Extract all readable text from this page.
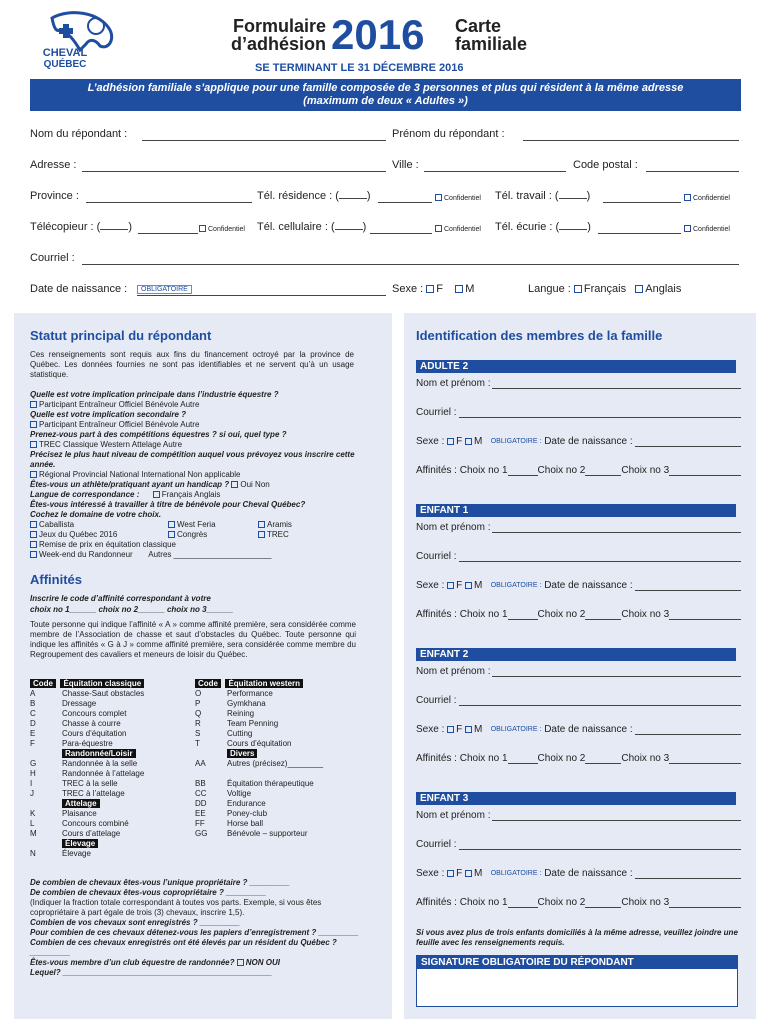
CHEVAL
QUÉBEC
Formulaire
d’adhésion 2016 Carte
familiale
SE TERMINANT LE 31 DÉCEMBRE 2016
L’adhésion familiale s’applique pour une famille composée de 3 personnes et plus qui résident à la même adresse
(maximum de deux « Adultes »)
Nom du répondant :	Prénom du répondant :
Adresse :	Ville :	Code postal :
Province :	Tél. résidence : (	)	Confidentiel Tél. travail : (	)	Confidentiel
Télécopieur : (	)	Confidentiel Tél. cellulaire : (	)	Confidentiel Tél. écurie : (	)	Confidentiel
Courriel :
Date de naissance :	OBLIGATOIRE	Sexe : F M	Langue : Français Anglais
Statut principal du répondant
Ces renseignements sont requis aux fins du financement octroyé par la province de Québec. Les données fournies ne sont pas identifiables et ne servent qu’à un usage statistique.
Quelle est votre implication principale dans l’industrie équestre ?
Participant Entraîneur Officiel Bénévole Autre
Quelle est votre implication secondaire ?
Participant Entraîneur Officiel Bénévole Autre
Prenez-vous part à des compétitions équestres ? si oui, quel type ?
TREC Classique Western Attelage Autre
Précisez le plus haut niveau de compétition auquel vous prévoyez vous inscrire cette année.
Régional Provincial National International Non applicable
Êtes-vous un athlète/pratiquant ayant un handicap ? Oui Non
Langue de correspondance :	Français Anglais
Êtes-vous intéressé à travailler à titre de bénévole pour Cheval Québec?
Cochez le domaine de votre choix.
Caballista	West Feria	Aramis
Jeux du Québec 2016	Congrès	TREC
Remise de prix en équitation classique
Week-end du Randonneur Autres ______________________
Affinités
Inscrire le code d’affinité correspondant à votre
choix no 1______ choix no 2______ choix no 3______
Toute personne qui indique l’affinité « A » comme affinité première, sera considérée comme membre de l’Association de chasse et saut d’obstacles du Québec. Toute personne qui indique les affinités « G à J » comme affinité première, sera considérée comme membre du Regroupement des cavaliers et meneurs de loisir du Québec.
Code Équitation classique
A	Chasse-Saut obstacles
B	Dressage
C	Concours complet
D	Chasse à courre
E	Cours d’équitation
F	Para-équestre
Randonnée/Loisir
G	Randonnée à la selle
H	Randonnée à l’attelage
I	TREC à la selle
J	TREC à l’attelage
Attelage
K	Plaisance
L	Concours combiné
M	Cours d’attelage
Élevage
N	Élevage
Code Équitation western
O	Performance
P	Gymkhana
Q	Reining
R	Team Penning
S	Cutting
T	Cours d’équitation
Divers
AA	Autres (précisez)________
BB	Équitation thérapeutique
CC	Voltige
DD	Endurance
EE	Poney-club
FF	Horse ball
GG Bénévole – supporteur
De combien de chevaux êtes-vous l’unique propriétaire ? _________
De combien de chevaux êtes-vous copropriétaire ? _________
(Indiquer la fraction totale correspondant à toutes vos parts. Exemple, si vous êtes copropriétaire à part égale de trois (3) chevaux, inscrire 1,5).
Combien de vos chevaux sont enregistrés ? _________
Pour combien de ces chevaux détenez-vous les papiers d’enregistrement ? _________
Combien de ces chevaux enregistrés ont été élevés par un résident du Québec ? _________
Êtes-vous membre d’un club équestre de randonnée? NON OUI
Lequel? _______________________________________________
Identification des membres de la famille
ADULTE 2
Nom et prénom :
Courriel :
Sexe :
F
M
OBLIGATOIRE :
Date de naissance :
Affinités : Choix no 1	Choix no 2	Choix no 3
ENFANT 1
Nom et prénom :
Courriel :
Sexe :
F
M
OBLIGATOIRE :
Date de naissance :
Affinités : Choix no 1	Choix no 2	Choix no 3
ENFANT 2
Nom et prénom :
Courriel :
Sexe :
F
M
OBLIGATOIRE :
Date de naissance :
Affinités : Choix no 1	Choix no 2	Choix no 3
ENFANT 3
Nom et prénom :
Courriel :
Sexe :
F
M
OBLIGATOIRE :
Date de naissance :
Affinités : Choix no 1	Choix no 2	Choix no 3
Si vous avez plus de trois enfants domiciliés à la même adresse, veuillez joindre une feuille avec les renseignements requis.
SIGNATURE OBLIGATOIRE DU RÉPONDANT
